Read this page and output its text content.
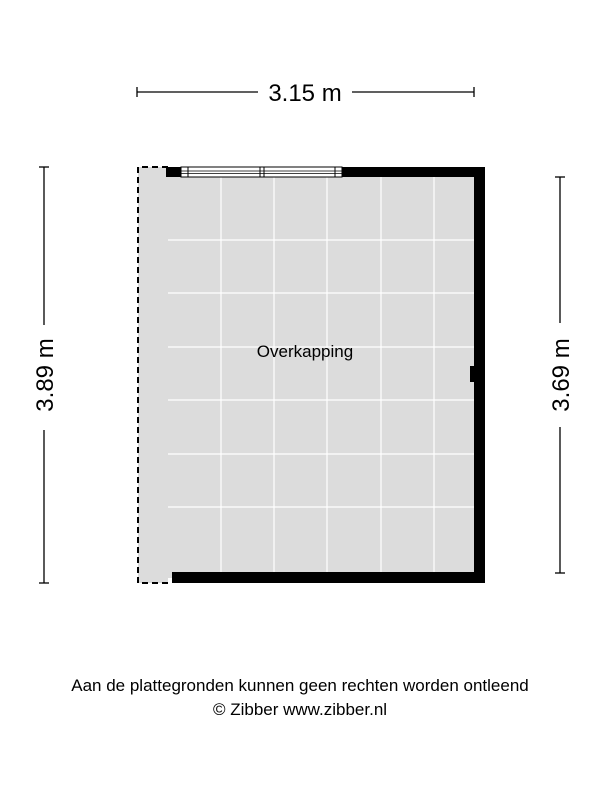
Overkapping
3.15 m
3.89 m	3.69 m
Aan de plattegronden kunnen geen rechten worden ontleend
© Zibber www.zibber.nl
